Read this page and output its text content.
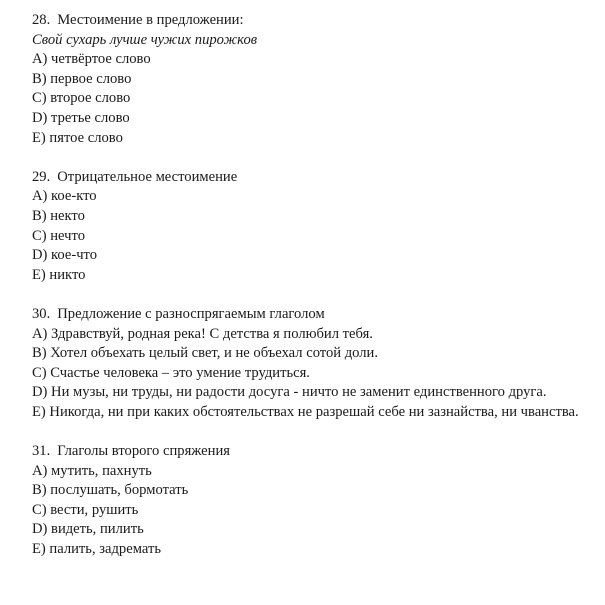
28. Местоимение в предложении:
Свой сухарь лучше чужих пирожков
A) четвёртое слово
B) первое слово
C) второе слово
D) третье слово
E) пятое слово
29. Отрицательное местоимение
A) кое-кто
B) некто
C) нечто
D) кое-что
E) никто
30. Предложение с разноспрягаемым глаголом
A) Здравствуй, родная река! С детства я полюбил тебя.
B) Хотел объехать целый свет, и не объехал сотой доли.
C) Счастье человека – это умение трудиться.
D) Ни музы, ни труды, ни радости досуга - ничто не заменит единственного друга.
E) Никогда, ни при каких обстоятельствах не разрешай себе ни зазнайства, ни чванства.
31. Глаголы второго спряжения
A) мутить, пахнуть
B) послушать, бормотать
C) вести, рушить
D) видеть, пилить
E) палить, задремать
